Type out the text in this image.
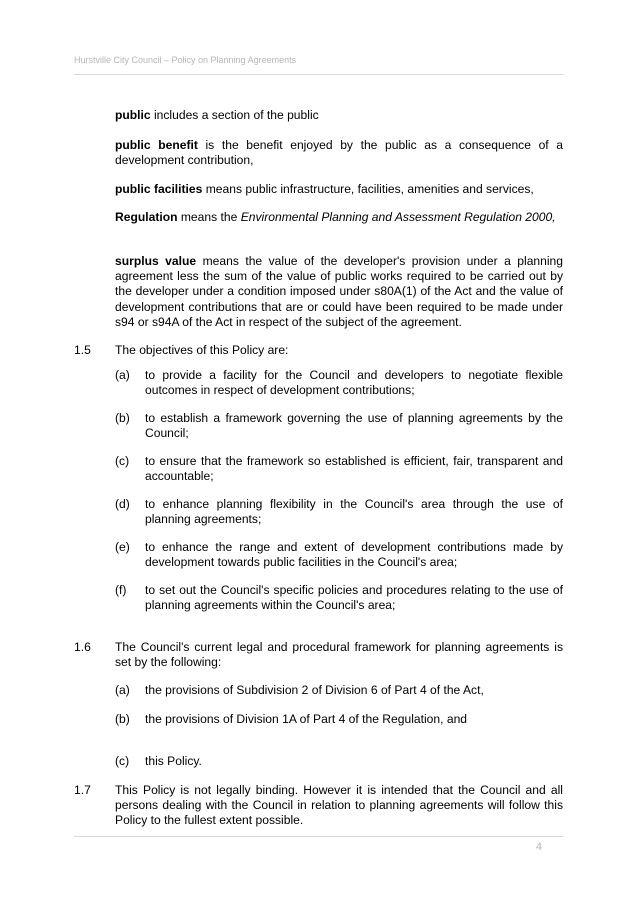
Hurstville City Council – Policy on Planning Agreements
public includes a section of the public
public benefit is the benefit enjoyed by the public as a consequence of a development contribution,
public facilities means public infrastructure, facilities, amenities and services,
Regulation means the Environmental Planning and Assessment Regulation 2000,
surplus value means the value of the developer's provision under a planning agreement less the sum of the value of public works required to be carried out by the developer under a condition imposed under s80A(1) of the Act and the value of development contributions that are or could have been required to be made under s94 or s94A of the Act in respect of the subject of the agreement.
1.5 The objectives of this Policy are:
(a) to provide a facility for the Council and developers to negotiate flexible outcomes in respect of development contributions;
(b) to establish a framework governing the use of planning agreements by the Council;
(c) to ensure that the framework so established is efficient, fair, transparent and accountable;
(d) to enhance planning flexibility in the Council's area through the use of planning agreements;
(e) to enhance the range and extent of development contributions made by development towards public facilities in the Council's area;
(f) to set out the Council's specific policies and procedures relating to the use of planning agreements within the Council's area;
1.6 The Council's current legal and procedural framework for planning agreements is set by the following:
(a) the provisions of Subdivision 2 of Division 6 of Part 4 of the Act,
(b) the provisions of Division 1A of Part 4 of the Regulation, and
(c) this Policy.
1.7 This Policy is not legally binding. However it is intended that the Council and all persons dealing with the Council in relation to planning agreements will follow this Policy to the fullest extent possible.
4
